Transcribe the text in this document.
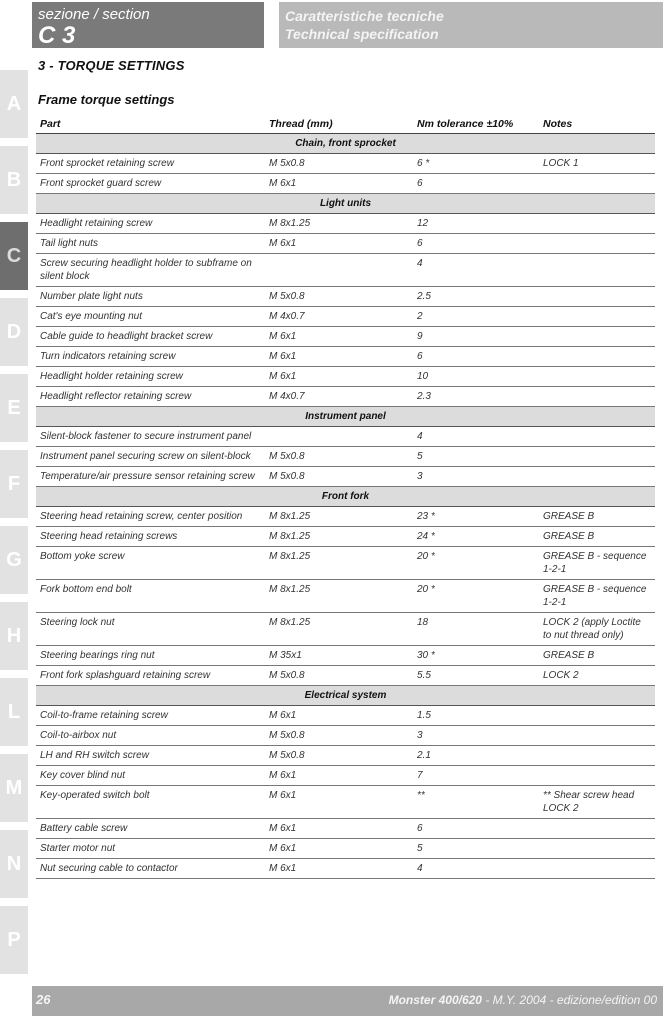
sezione / section
C 3
Caratteristiche tecniche
Technical specification
A
B
C
D
E
F
G
H
L
M
N
P
3 - TORQUE SETTINGS
Frame torque settings
Part	Thread (mm)	Nm tolerance ±10%	Notes
Chain, front sprocket			
Front sprocket retaining screw	M 5x0.8	6 *	LOCK 1
Front sprocket guard screw	M 6x1	6	
Light units			
Headlight retaining screw	M 8x1.25	12	
Tail light nuts	M 6x1	6	
Screw securing headlight holder to subframe on silent block		4	
Number plate light nuts	M 5x0.8	2.5	
Cat's eye mounting nut	M 4x0.7	2	
Cable guide to headlight bracket screw	M 6x1	9	
Turn indicators retaining screw	M 6x1	6	
Headlight holder retaining screw	M 6x1	10	
Headlight reflector retaining screw	M 4x0.7	2.3	
Instrument panel			
Silent-block fastener to secure instrument panel		4	
Instrument panel securing screw on silent-block	M 5x0.8	5	
Temperature/air pressure sensor retaining screw	M 5x0.8	3	
Front fork			
Steering head retaining screw, center position	M 8x1.25	23 *	GREASE B
Steering head retaining screws	M 8x1.25	24 *	GREASE B
Bottom yoke screw	M 8x1.25	20 *	GREASE B - sequence 1-2-1
Fork bottom end bolt	M 8x1.25	20 *	GREASE B - sequence 1-2-1
Steering lock nut	M 8x1.25	18	LOCK 2 (apply Loctite to nut thread only)
Steering bearings ring nut	M 35x1	30 *	GREASE B
Front fork splashguard retaining screw	M 5x0.8	5.5	LOCK 2
Electrical system			
Coil-to-frame retaining screw	M 6x1	1.5	
Coil-to-airbox nut	M 5x0.8	3	
LH and RH switch screw	M 5x0.8	2.1	
Key cover blind nut	M 6x1	7	
Key-operated switch bolt	M 6x1	**	** Shear screw head LOCK 2
Battery cable screw	M 6x1	6	
Starter motor nut	M 6x1	5	
Nut securing cable to contactor	M 6x1	4	
26	Monster 400/620 - M.Y. 2004 - edizione/edition 00
